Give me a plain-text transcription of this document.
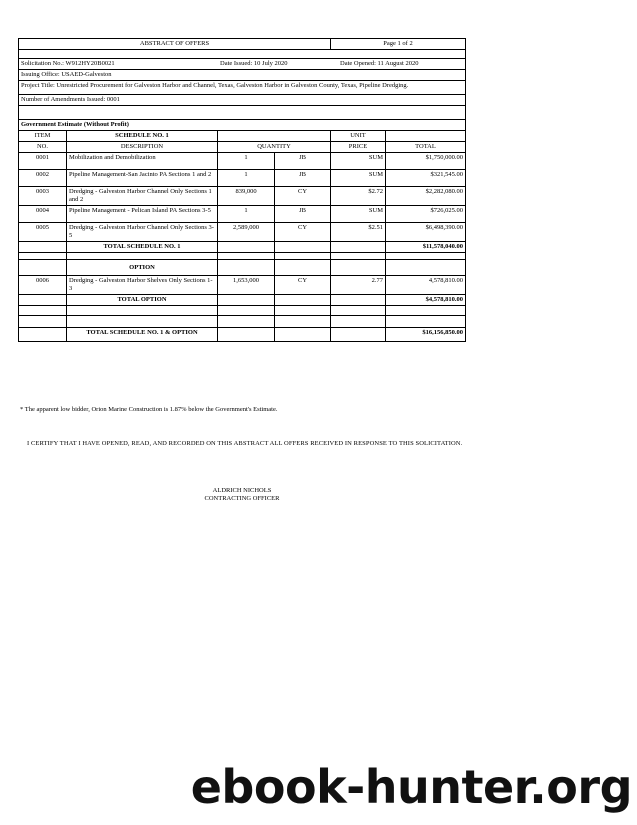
ABSTRACT OF OFFERS				Page 1 of 2	

Solicitation No.: W912HY20B0021 Date Issued: 10 July 2020 Date Opened: 11 August 2020					

Issuing Office: USAED-Galveston					
Project Title: Unrestricted Procurement for Galveston Harbor and Channel, Texas, Galveston Harbor in Galveston County, Texas, Pipeline Dredging.					
Number of Amendments Issued: 0001					

Government Estimate (Without Profit)					
ITEM	SCHEDULE NO. 1			UNIT	
NO.	DESCRIPTION	QUANTITY		PRICE	TOTAL
0001	Mobilization and Demobilization	1	JB	SUM	$1,750,000.00
0002	Pipeline Management-San Jacinto PA Sections 1 and 2	1	JB	SUM	$321,545.00
0003	Dredging - Galveston Harbor Channel Only Sections 1 and 2	839,000	CY	$2.72	$2,282,080.00
0004	Pipeline Management - Pelican Island PA Sections 3-5	1	JB	SUM	$726,025.00
0005	Dredging - Galveston Harbor Channel Only Sections 3-5	2,589,000	CY	$2.51	$6,498,390.00
	TOTAL SCHEDULE NO. 1				$11,578,040.00

	OPTION				
0006	Dredging - Galveston Harbor Shelves Only Sections 1-3	1,653,000	CY	2.77	4,578,810.00
	TOTAL OPTION				$4,578,810.00

	TOTAL SCHEDULE NO. 1 & OPTION				$16,156,850.00
* The apparent low bidder, Orion Marine Construction is 1.87% below the Government's Estimate.
I CERTIFY THAT I HAVE OPENED, READ, AND RECORDED ON THIS ABSTRACT ALL OFFERS RECEIVED IN RESPONSE TO THIS SOLICITATION.
ALDRICH NICHOLS
CONTRACTING OFFICER
ebook-hunter.org
